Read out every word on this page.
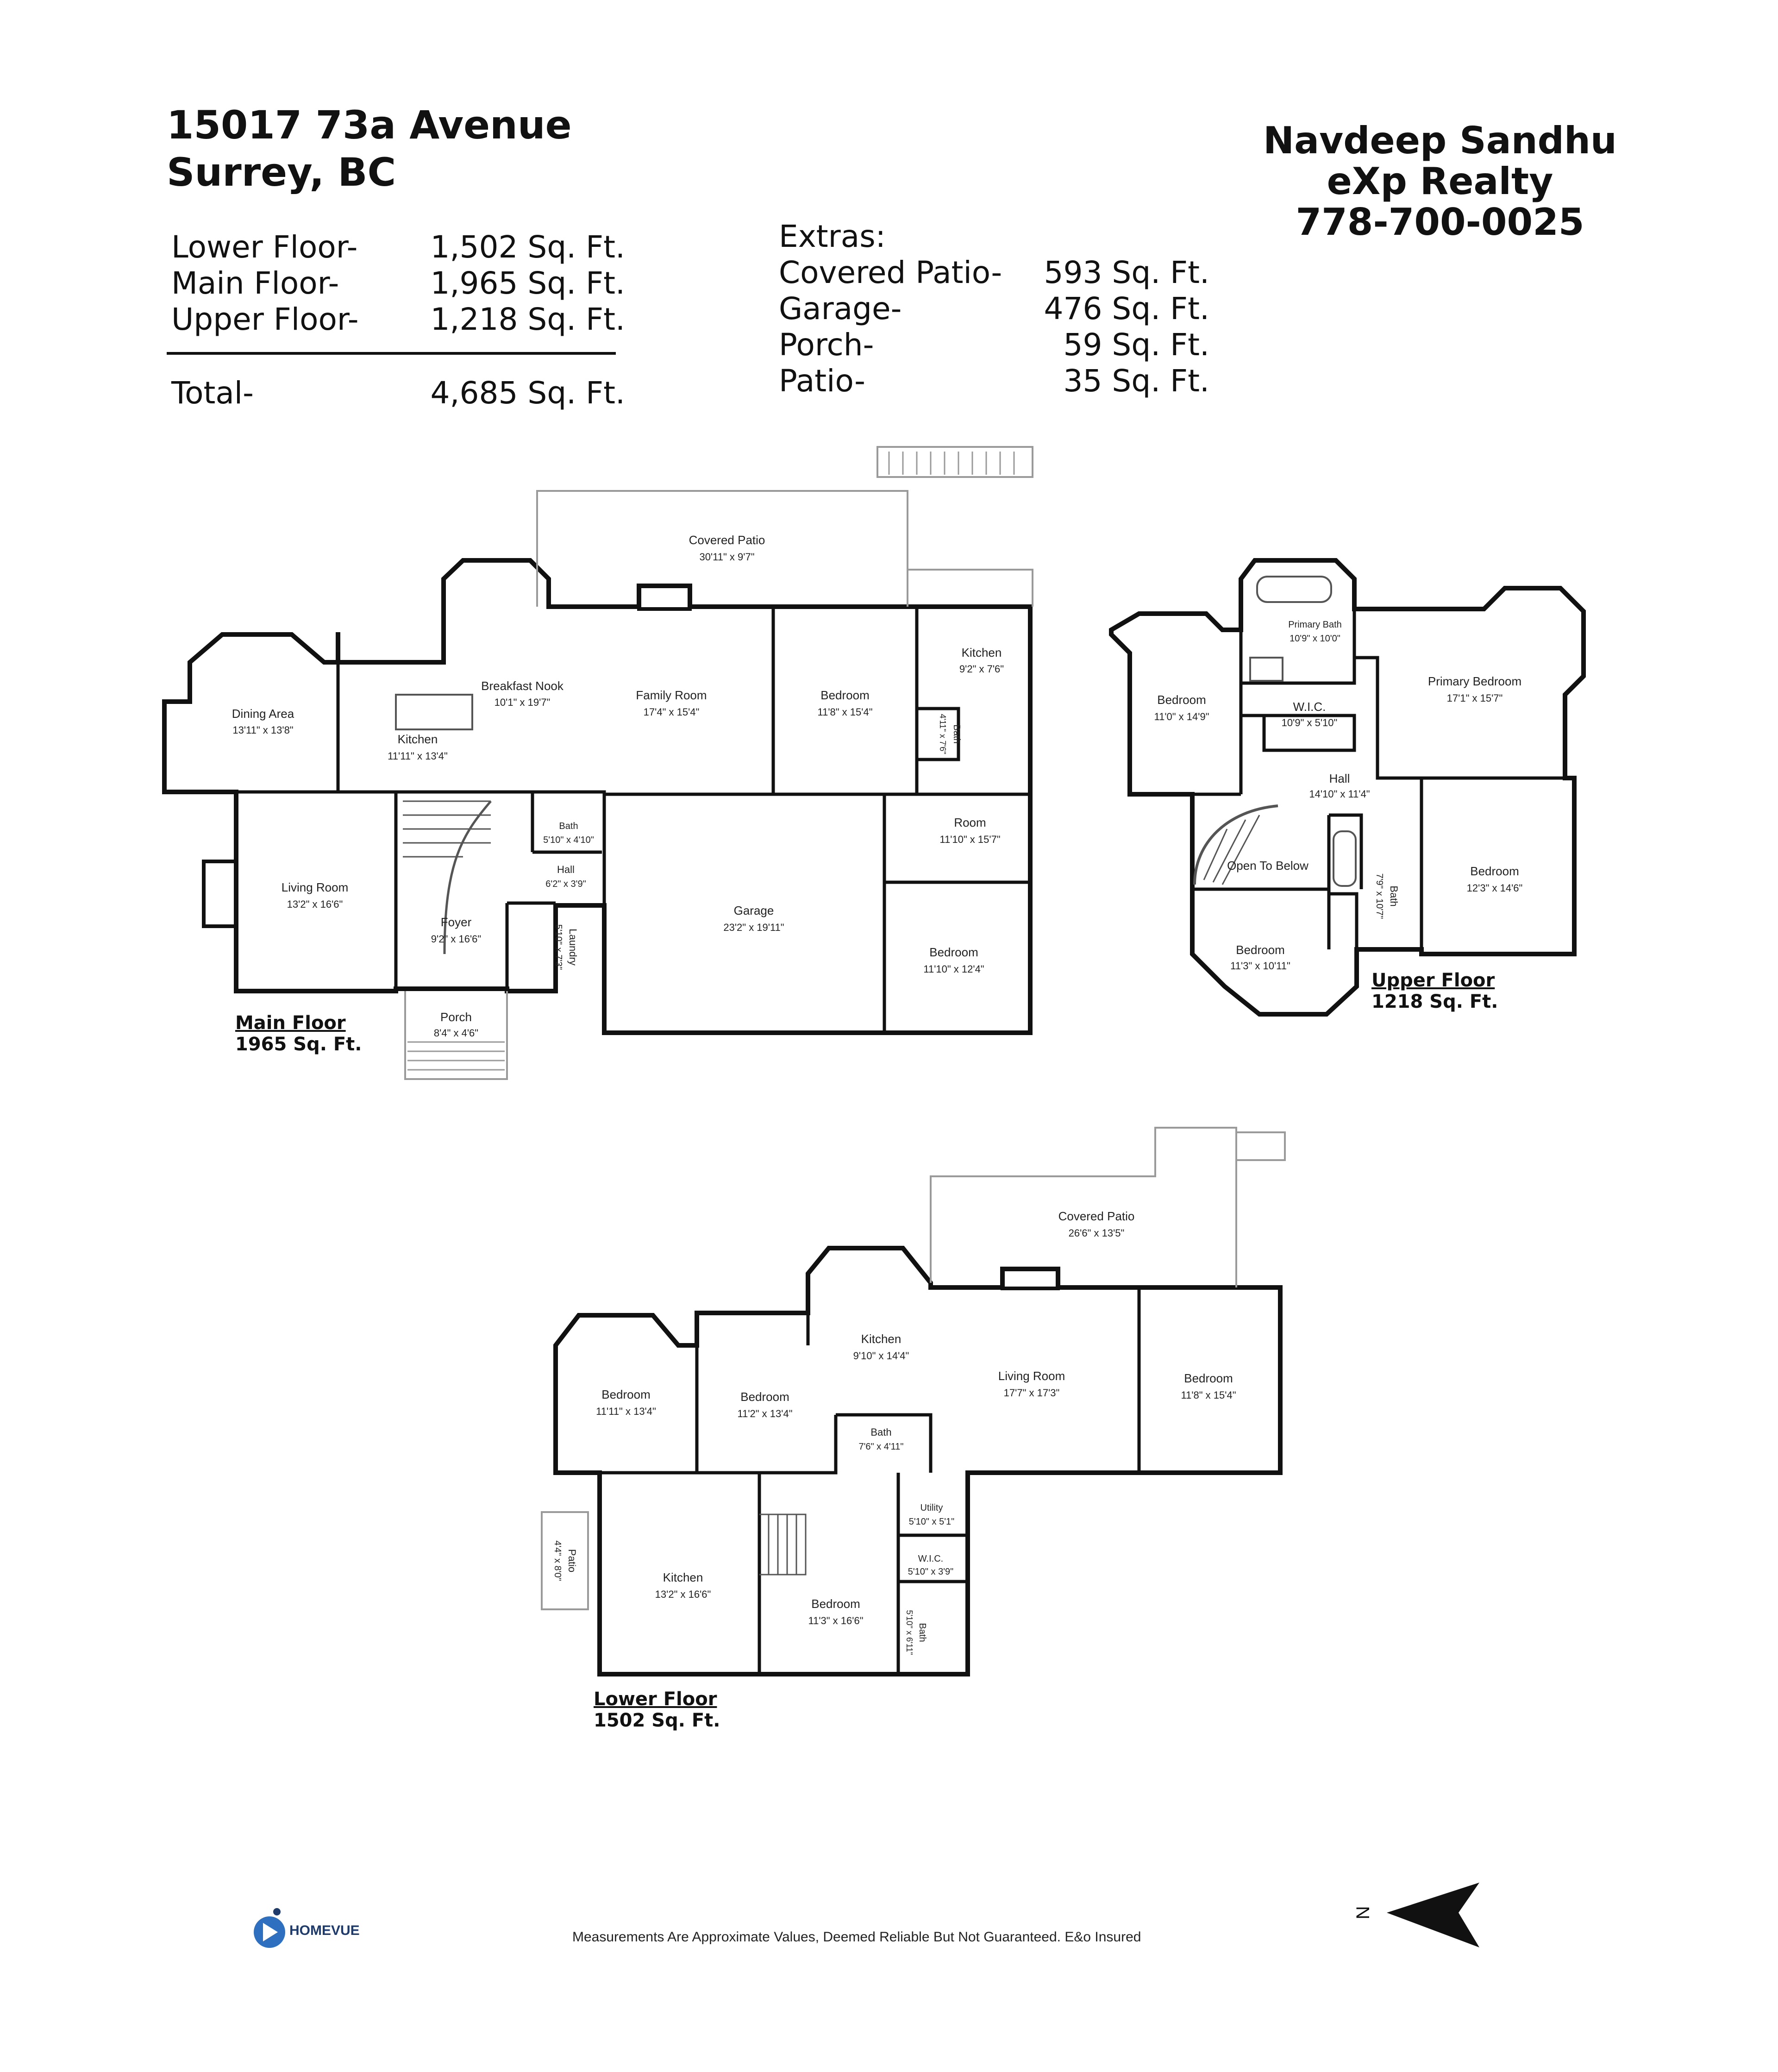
15017 73a Avenue
Surrey, BC
Navdeep Sandhu
eXp Realty
778-700-0025
Lower Floor- 1,502 Sq. Ft.
Main Floor-	1,965 Sq. Ft.
Upper Floor- 1,218 Sq. Ft.
Total-	4,685 Sq. Ft.
Extras:
Covered Patio- 593 Sq. Ft.
Garage-	476 Sq. Ft.
Porch-	59 Sq. Ft.
Patio-	35 Sq. Ft.
Covered Patio
30'11" x 9'7"
Dining Area
13'11" x 13'8"
Breakfast Nook
10'1" x 19'7"
Family Room
17'4" x 15'4"
Bedroom
11'8" x 15'4"
Kitchen
9'2" x 7'6"
Kitchen
11'11" x 13'4"
Bath
4'11" x 7'6"
Bath
5'10" x 4'10"
Room
11'10" x 15'7"
Living Room
13'2" x 16'6"
Hall
6'2" x 3'9"
Garage
23'2" x 19'11"
Foyer
9'2" x 16'6"	Laundry
5'10" x 7'3"	Bedroom
11'10" x 12'4"
Porch
8'4" x 4'6"
Primary Bath
10'9" x 10'0"
Primary Bedroom
17'1" x 15'7"
Bedroom
11'0" x 14'9"
W.I.C.
10'9" x 5'10"
Hall
14'10" x 11'4"
Open To Below	Bedroom
12'3" x 14'6"
Bath
7'9" x 10'7"
Bedroom
11'3" x 10'11"
Covered Patio
26'6" x 13'5"
Kitchen
9'10" x 14'4"
Living Room
17'7" x 17'3"
Bedroom
11'8" x 15'4"
Bedroom
11'11" x 13'4"
Bedroom
11'2" x 13'4"
Bath
7'6" x 4'11"
Utility
5'10" x 5'1"
W.I.C.
5'10" x 3'9"
Patio
4'4" x 8'0"	Kitchen
13'2" x 16'6"
Bedroom
11'3" x 16'6"
Bath
5'10" x 6'11"
N
Main Floor
1965 Sq. Ft.
Upper Floor
1218 Sq. Ft.
Lower Floor
1502 Sq. Ft.
HOMEVUE	Measurements Are Approximate Values, Deemed Reliable But Not Guaranteed. E&o Insured
